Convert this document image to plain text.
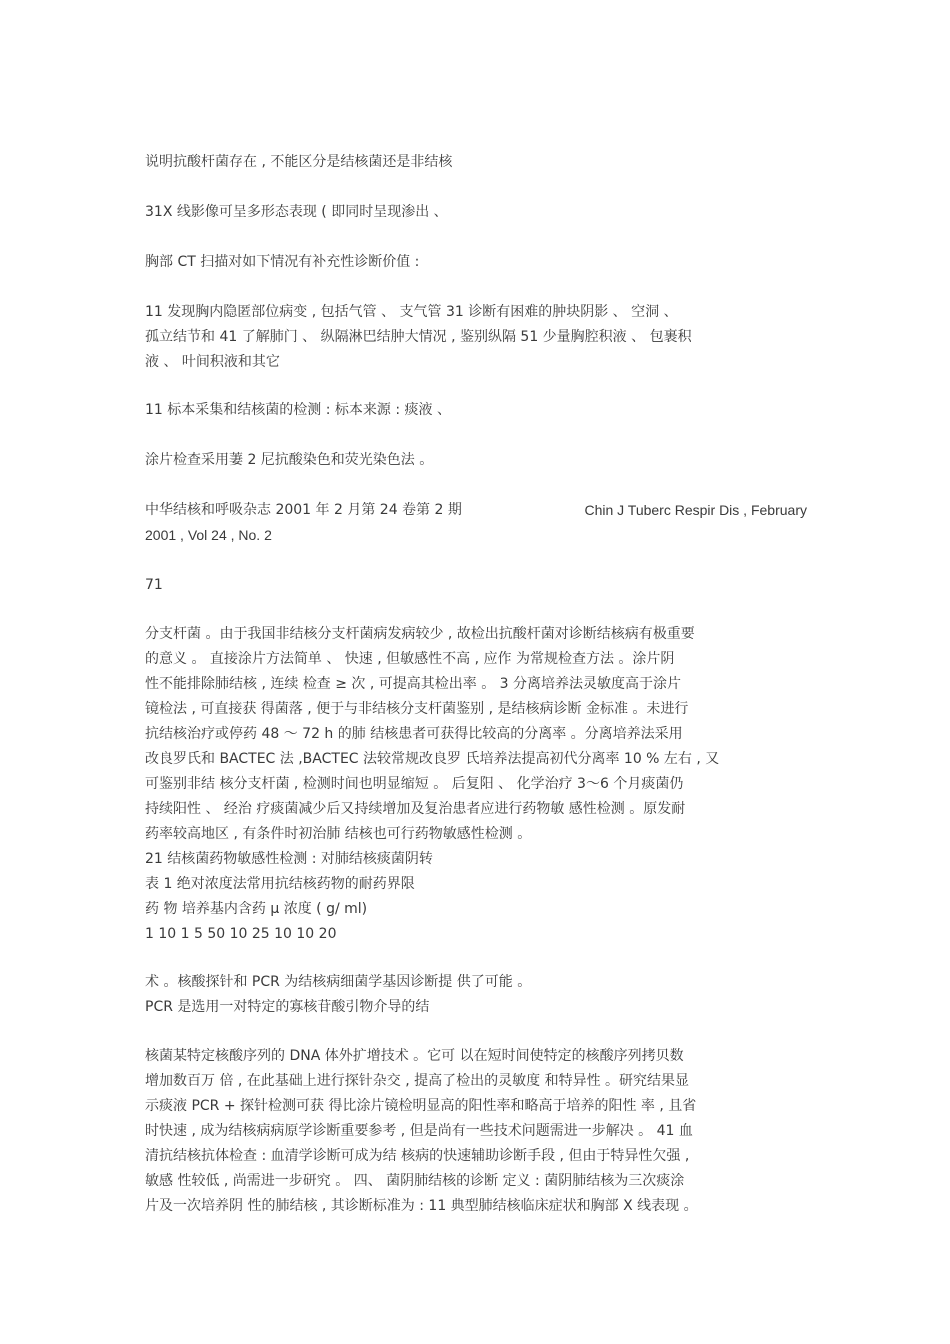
说明抗酸杆菌存在 , 不能区分是结核菌还是非结核

31X 线影像可呈多形态表现 ( 即同时呈现渗出 、

胸部 CT 扫描对如下情况有补充性诊断价值 :

11 发现胸内隐匿部位病变 , 包括气管 、 支气管 31 诊断有困难的肿块阴影 、 空洞 、
孤立结节和 41 了解肺门 、 纵隔淋巴结肿大情况 , 鉴别纵隔 51 少量胸腔积液 、 包裹积
液 、 叶间积液和其它

11 标本采集和结核菌的检测 : 标本来源 : 痰液 、

涂片检查采用萋 2 尼抗酸染色和荧光染色法 。

中华结核和呼吸杂志 2001 年 2 月第 24 卷第 2 期	Chin J Tuberc Respir Dis , February
2001 , Vol 24 , No. 2

71

分支杆菌 。由于我国非结核分支杆菌病发病较少 , 故检出抗酸杆菌对诊断结核病有极重要
的意义 。 直接涂片方法简单 、 快速 , 但敏感性不高 , 应作 为常规检查方法 。涂片阴
性不能排除肺结核 , 连续 检查 ≥ 次 , 可提高其检出率 。 3 分离培养法灵敏度高于涂片
镜检法 , 可直接获 得菌落 , 便于与非结核分支杆菌鉴别 , 是结核病诊断 金标准 。未进行
抗结核治疗或停药 48 ～ 72 h 的肺 结核患者可获得比较高的分离率 。分离培养法采用
改良罗氏和 BACTEC 法 ,BACTEC 法较常规改良罗 氏培养法提高初代分离率 10 % 左右 , 又
可鉴别非结 核分支杆菌 , 检测时间也明显缩短 。 后复阳 、 化学治疗 3～6 个月痰菌仍
持续阳性 、 经治 疗痰菌减少后又持续增加及复治患者应进行药物敏 感性检测 。原发耐
药率较高地区 , 有条件时初治肺 结核也可行药物敏感性检测 。
21 结核菌药物敏感性检测 : 对肺结核痰菌阴转
表 1 绝对浓度法常用抗结核药物的耐药界限
药 物 培养基内含药 μ 浓度 ( g/ ml)
1 10 1 5 50 10 25 10 10 20

术 。核酸探针和 PCR 为结核病细菌学基因诊断提 供了可能 。
PCR 是选用一对特定的寡核苷酸引物介导的结

核菌某特定核酸序列的 DNA 体外扩增技术 。它可 以在短时间使特定的核酸序列拷贝数
增加数百万 倍 , 在此基础上进行探针杂交 , 提高了检出的灵敏度 和特异性 。研究结果显
示痰液 PCR + 探针检测可获 得比涂片镜检明显高的阳性率和略高于培养的阳性 率 , 且省
时快速 , 成为结核病病原学诊断重要参考 , 但是尚有一些技术问题需进一步解决 。 41 血
清抗结核抗体检查 : 血清学诊断可成为结 核病的快速辅助诊断手段 , 但由于特异性欠强 ,
敏感 性较低 , 尚需进一步研究 。 四、 菌阴肺结核的诊断 定义 : 菌阴肺结核为三次痰涂
片及一次培养阴 性的肺结核 , 其诊断标准为 : 11 典型肺结核临床症状和胸部 X 线表现 。
